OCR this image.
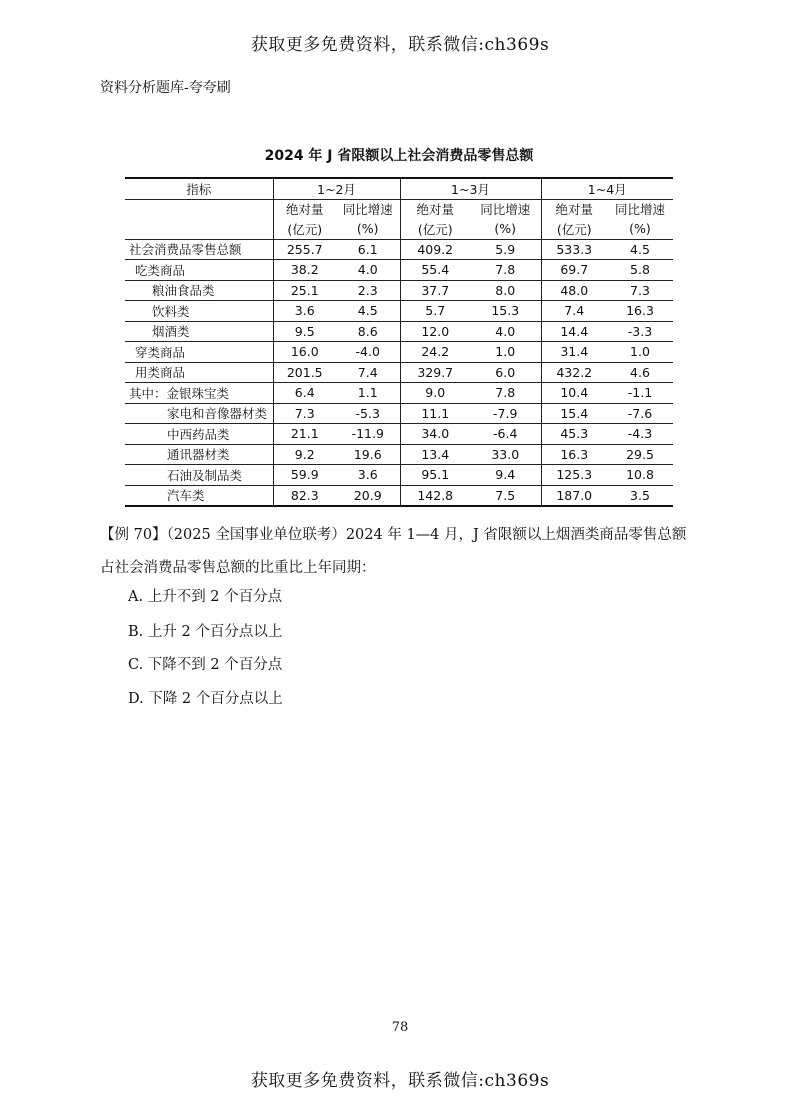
获取更多免费资料，联系微信:ch369s
资料分析题库-夸夸刷
2024 年 J 省限额以上社会消费品零售总额
指标	1~2月		1~3月		1~4月	
	绝对量	同比增速	绝对量	同比增速	绝对量	同比增速
	(亿元)	(%)	(亿元)	(%)	(亿元)	(%)
社会消费品零售总额	255.7	6.1	409.2	5.9	533.3	4.5
吃类商品	38.2	4.0	55.4	7.8	69.7	5.8
粮油食品类	25.1	2.3	37.7	8.0	48.0	7.3
饮料类	3.6	4.5	5.7	15.3	7.4	16.3
烟酒类	9.5	8.6	12.0	4.0	14.4	-3.3
穿类商品	16.0	-4.0	24.2	1.0	31.4	1.0
用类商品	201.5	7.4	329.7	6.0	432.2	4.6
其中：金银珠宝类	6.4	1.1	9.0	7.8	10.4	-1.1
家电和音像器材类	7.3	-5.3	11.1	-7.9	15.4	-7.6
中西药品类	21.1	-11.9	34.0	-6.4	45.3	-4.3
通讯器材类	9.2	19.6	13.4	33.0	16.3	29.5
石油及制品类	59.9	3.6	95.1	9.4	125.3	10.8
汽车类	82.3	20.9	142.8	7.5	187.0	3.5
【例 70】（2025 全国事业单位联考）2024 年 1—4 月，J 省限额以上烟酒类商品零售总额
占社会消费品零售总额的比重比上年同期：
A. 上升不到 2 个百分点
B. 上升 2 个百分点以上
C. 下降不到 2 个百分点
D. 下降 2 个百分点以上
78
获取更多免费资料，联系微信:ch369s
